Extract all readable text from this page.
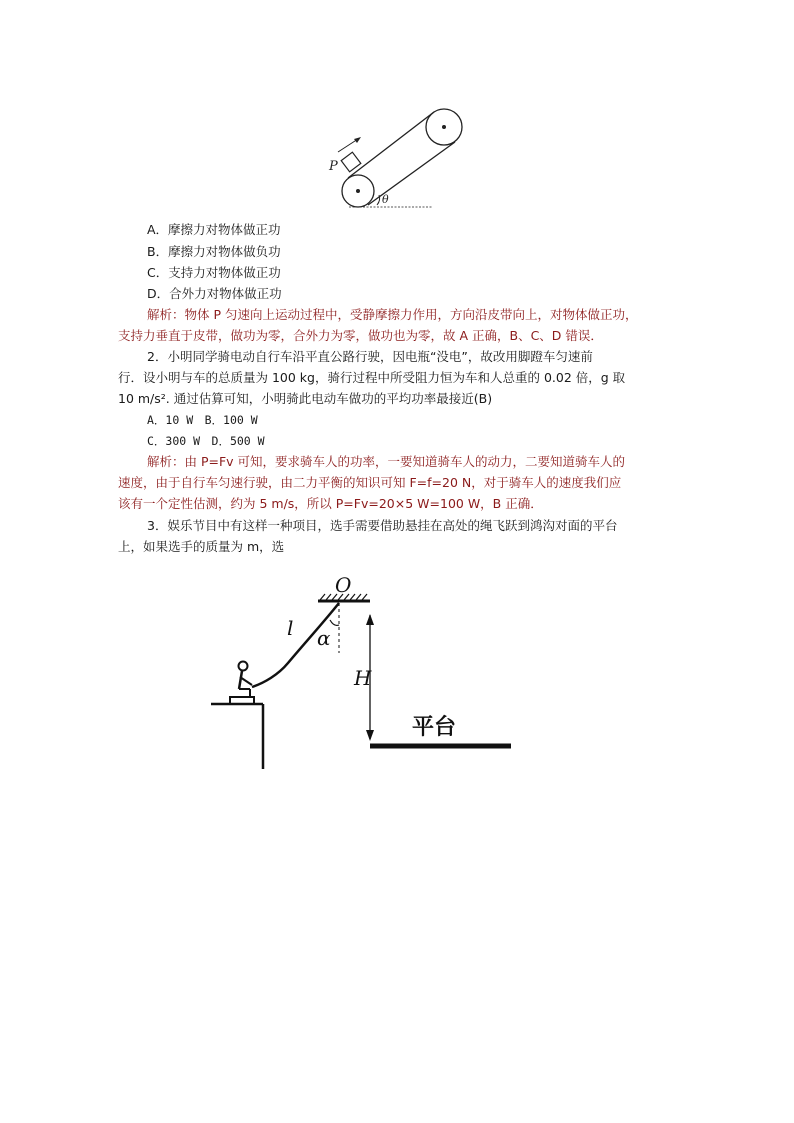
P
θ
A．摩擦力对物体做正功
B．摩擦力对物体做负功
C．支持力对物体做正功
D．合外力对物体做正功
解析：物体 P 匀速向上运动过程中，受静摩擦力作用，方向沿皮带向上，对物体做正功，
支持力垂直于皮带，做功为零，合外力为零，做功也为零，故 A 正确，B、C、D 错误．
2．小明同学骑电动自行车沿平直公路行驶，因电瓶“没电”，故改用脚蹬车匀速前
行．设小明与车的总质量为 100 kg，骑行过程中所受阻力恒为车和人总重的 0.02 倍，g 取
10 m/s². 通过估算可知，小明骑此电动车做功的平均功率最接近(B)
A．10 W　B．100 W
C．300 W　D．500 W
解析：由 P=Fv 可知，要求骑车人的功率，一要知道骑车人的动力，二要知道骑车人的
速度，由于自行车匀速行驶，由二力平衡的知识可知 F=f=20 N，对于骑车人的速度我们应
该有一个定性估测，约为 5 m/s，所以 P=Fv=20×5 W=100 W，B 正确．
3．娱乐节目中有这样一种项目，选手需要借助悬挂在高处的绳飞跃到鸿沟对面的平台
上，如果选手的质量为 m，选
O
l α
H
平台
